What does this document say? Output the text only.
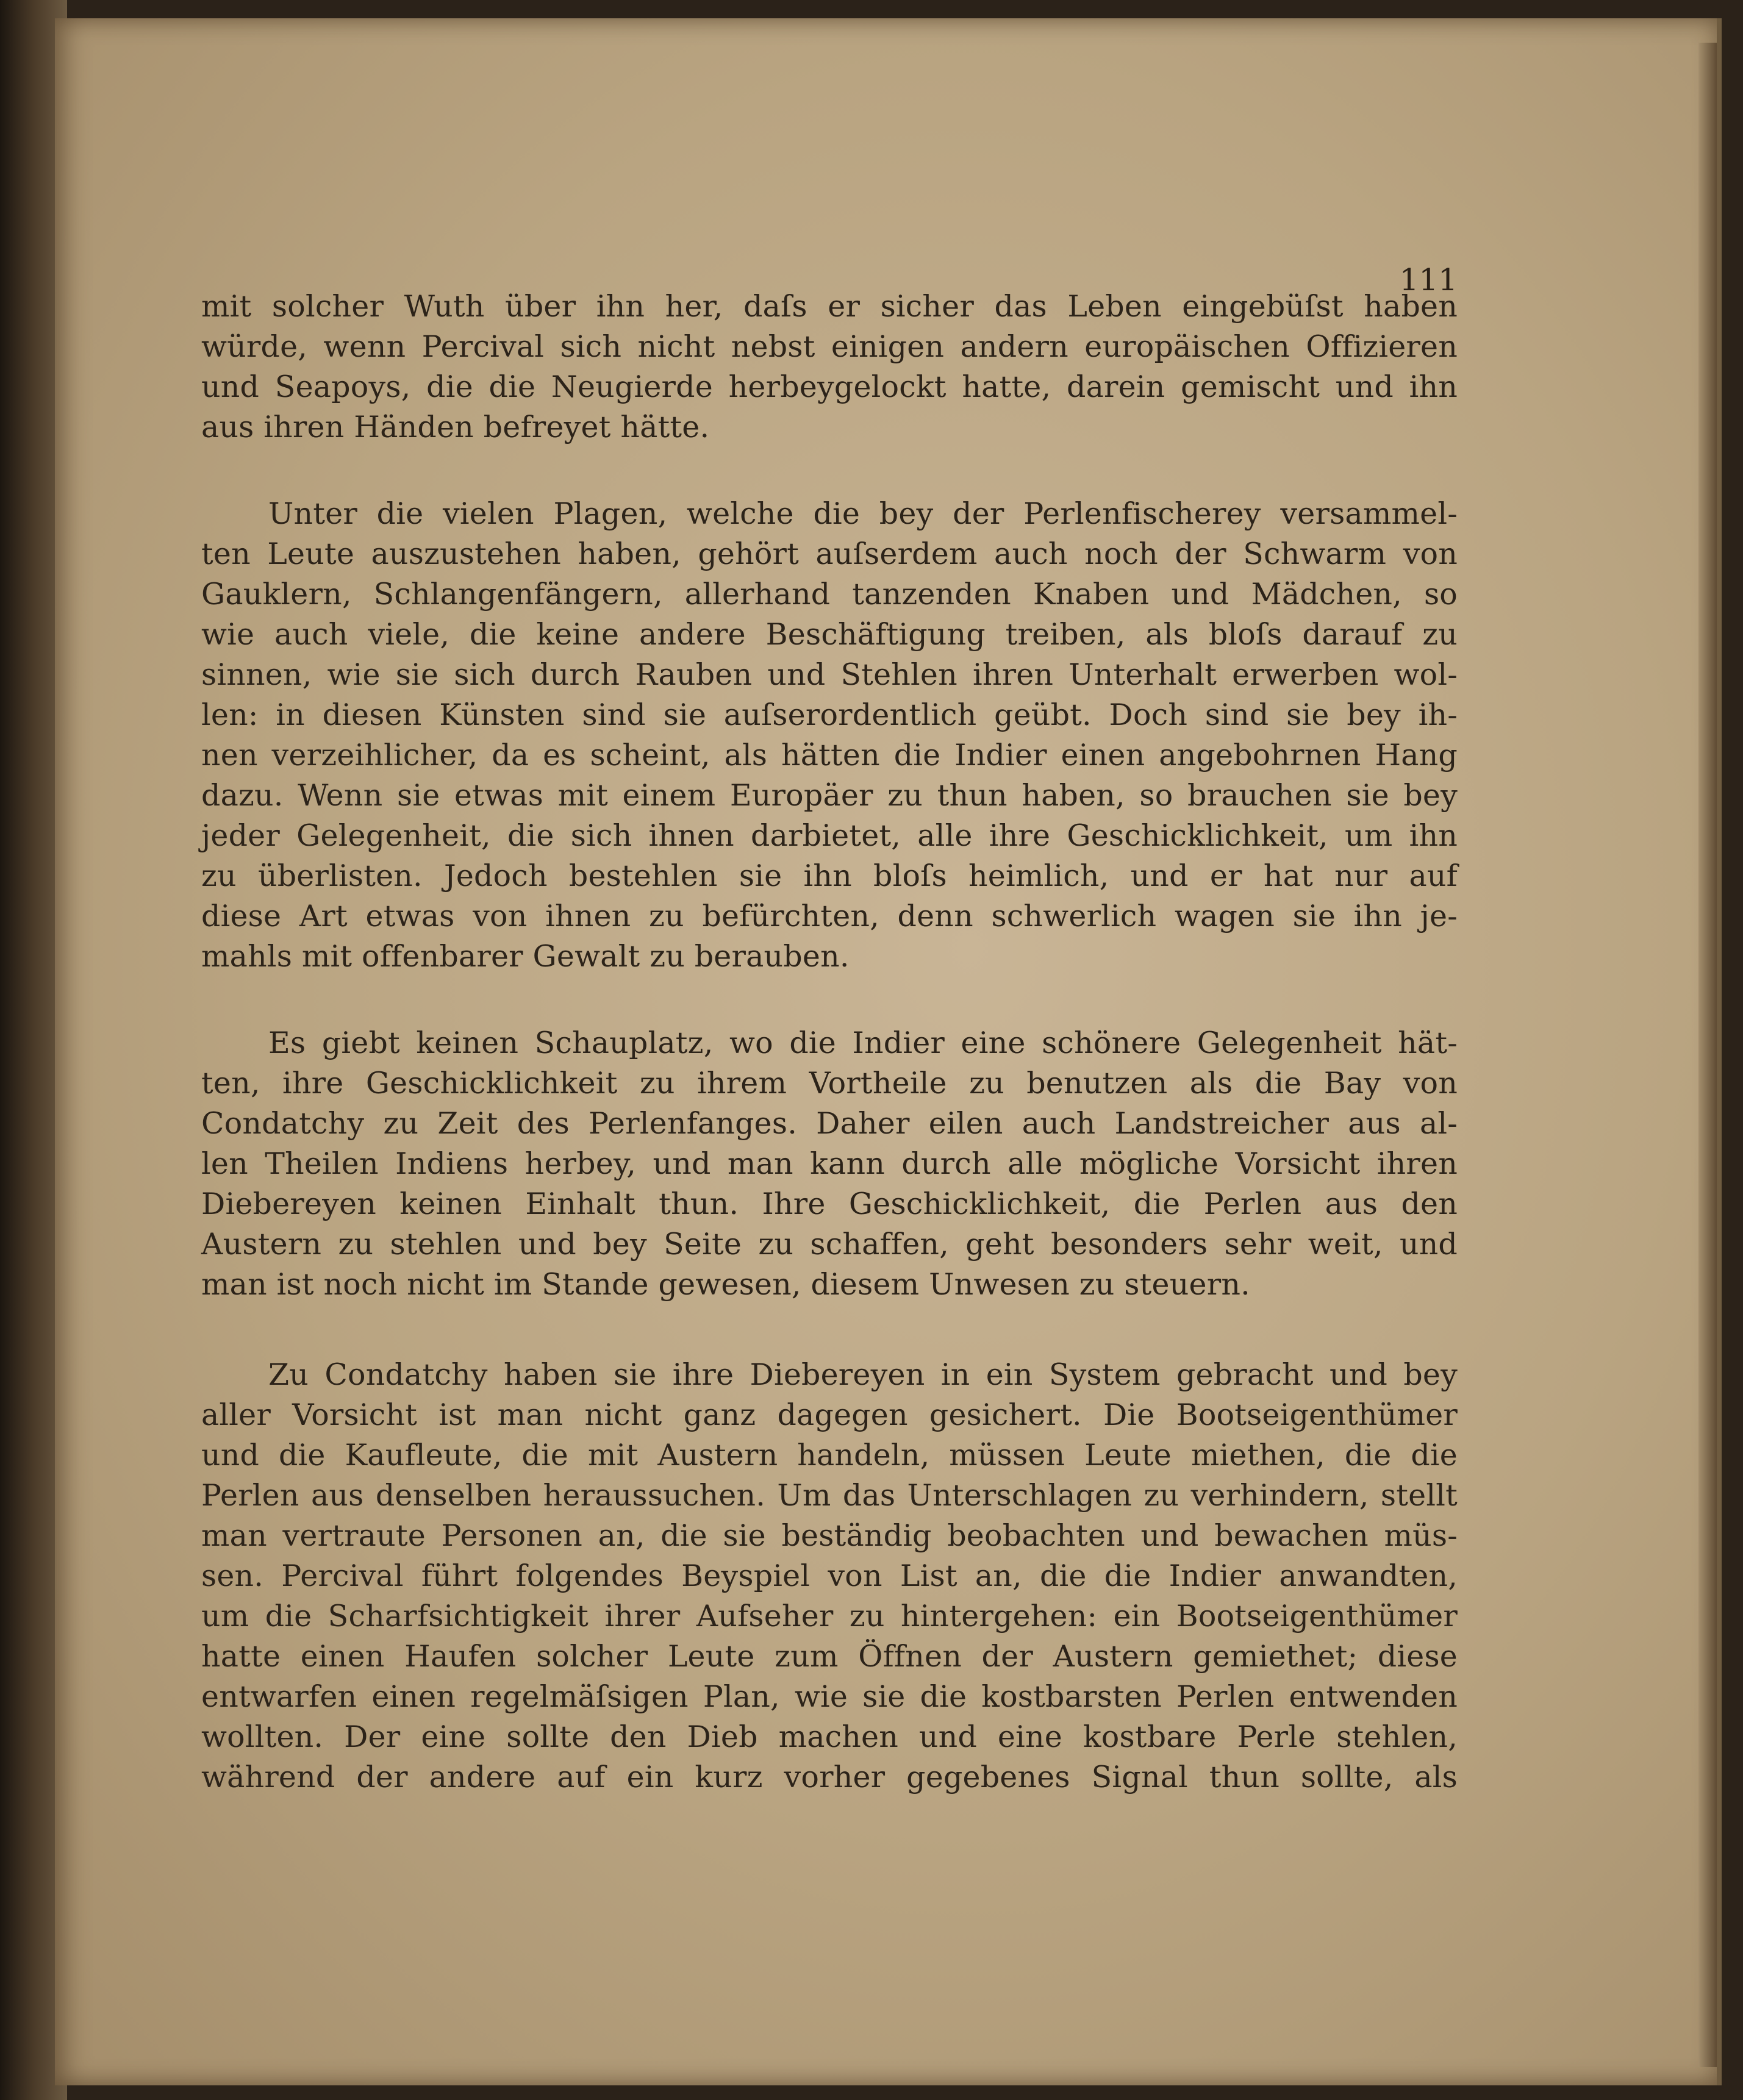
111
mit solcher Wuth über ihn her, daſs er sicher das Leben eingebüſst haben
würde, wenn Percival sich nicht nebst einigen andern europäischen Offizieren
und Seapoys, die die Neugierde herbeygelockt hatte, darein gemischt und ihn
aus ihren Händen befreyet hätte.
Unter die vielen Plagen, welche die bey der Perlenfischerey versammel-
ten Leute auszustehen haben, gehört auſserdem auch noch der Schwarm von
Gauklern, Schlangenfängern, allerhand tanzenden Knaben und Mädchen, so
wie auch viele, die keine andere Beschäftigung treiben, als bloſs darauf zu
sinnen, wie sie sich durch Rauben und Stehlen ihren Unterhalt erwerben wol-
len: in diesen Künsten sind sie auſserordentlich geübt. Doch sind sie bey ih-
nen verzeihlicher, da es scheint, als hätten die Indier einen angebohrnen Hang
dazu. Wenn sie etwas mit einem Europäer zu thun haben, so brauchen sie bey
jeder Gelegenheit, die sich ihnen darbietet, alle ihre Geschicklichkeit, um ihn
zu überlisten. Jedoch bestehlen sie ihn bloſs heimlich, und er hat nur auf
diese Art etwas von ihnen zu befürchten, denn schwerlich wagen sie ihn je-
mahls mit offenbarer Gewalt zu berauben.
Es giebt keinen Schauplatz, wo die Indier eine schönere Gelegenheit hät-
ten, ihre Geschicklichkeit zu ihrem Vortheile zu benutzen als die Bay von
Condatchy zu Zeit des Perlenfanges. Daher eilen auch Landstreicher aus al-
len Theilen Indiens herbey, und man kann durch alle mögliche Vorsicht ihren
Diebereyen keinen Einhalt thun. Ihre Geschicklichkeit, die Perlen aus den
Austern zu stehlen und bey Seite zu schaffen, geht besonders sehr weit, und
man ist noch nicht im Stande gewesen, diesem Unwesen zu steuern.
Zu Condatchy haben sie ihre Diebereyen in ein System gebracht und bey
aller Vorsicht ist man nicht ganz dagegen gesichert. Die Bootseigenthümer
und die Kaufleute, die mit Austern handeln, müssen Leute miethen, die die
Perlen aus denselben heraussuchen. Um das Unterschlagen zu verhindern, stellt
man vertraute Personen an, die sie beständig beobachten und bewachen müs-
sen. Percival führt folgendes Beyspiel von List an, die die Indier anwandten,
um die Scharfsichtigkeit ihrer Aufseher zu hintergehen: ein Bootseigenthümer
hatte einen Haufen solcher Leute zum Öffnen der Austern gemiethet; diese
entwarfen einen regelmäſsigen Plan, wie sie die kostbarsten Perlen entwenden
wollten. Der eine sollte den Dieb machen und eine kostbare Perle stehlen,
während der andere auf ein kurz vorher gegebenes Signal thun sollte, als
